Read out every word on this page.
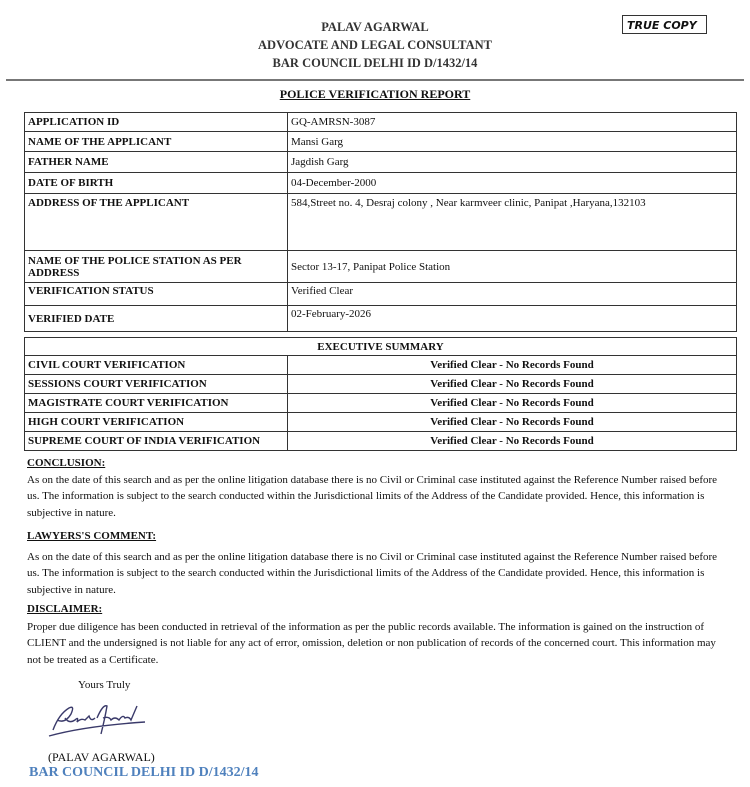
PALAV AGARWAL
ADVOCATE AND LEGAL CONSULTANT
BAR COUNCIL DELHI ID D/1432/14
TRUE COPY
POLICE VERIFICATION REPORT
APPLICATION ID	GQ-AMRSN-3087
NAME OF THE APPLICANT	Mansi Garg
FATHER NAME	Jagdish Garg
DATE OF BIRTH	04-December-2000
ADDRESS OF THE APPLICANT	584,Street no. 4, Desraj colony , Near karmveer clinic, Panipat ,Haryana,132103
NAME OF THE POLICE STATION AS PER ADDRESS	Sector 13-17, Panipat Police Station
VERIFICATION STATUS	Verified Clear
VERIFIED DATE	02-February-2026
EXECUTIVE SUMMARY	
CIVIL COURT VERIFICATION	Verified Clear - No Records Found
SESSIONS COURT VERIFICATION	Verified Clear - No Records Found
MAGISTRATE COURT VERIFICATION	Verified Clear - No Records Found
HIGH COURT VERIFICATION	Verified Clear - No Records Found
SUPREME COURT OF INDIA VERIFICATION	Verified Clear - No Records Found
CONCLUSION:
As on the date of this search and as per the online litigation database there is no Civil or Criminal case instituted against the Reference Number raised before us. The information is subject to the search conducted within the Jurisdictional limits of the Address of the Candidate provided. Hence, this information is subjective in nature.
LAWYERS'S COMMENT:
As on the date of this search and as per the online litigation database there is no Civil or Criminal case instituted against the Reference Number raised before us. The information is subject to the search conducted within the Jurisdictional limits of the Address of the Candidate provided. Hence, this information is subjective in nature.
DISCLAIMER:
Proper due diligence has been conducted in retrieval of the information as per the public records available. The information is gained on the instruction of CLIENT and the undersigned is not liable for any act of error, omission, deletion or non publication of records of the concerned court. This information may not be treated as a Certificate.
Yours Truly
(PALAV AGARWAL)
BAR COUNCIL DELHI ID D/1432/14
